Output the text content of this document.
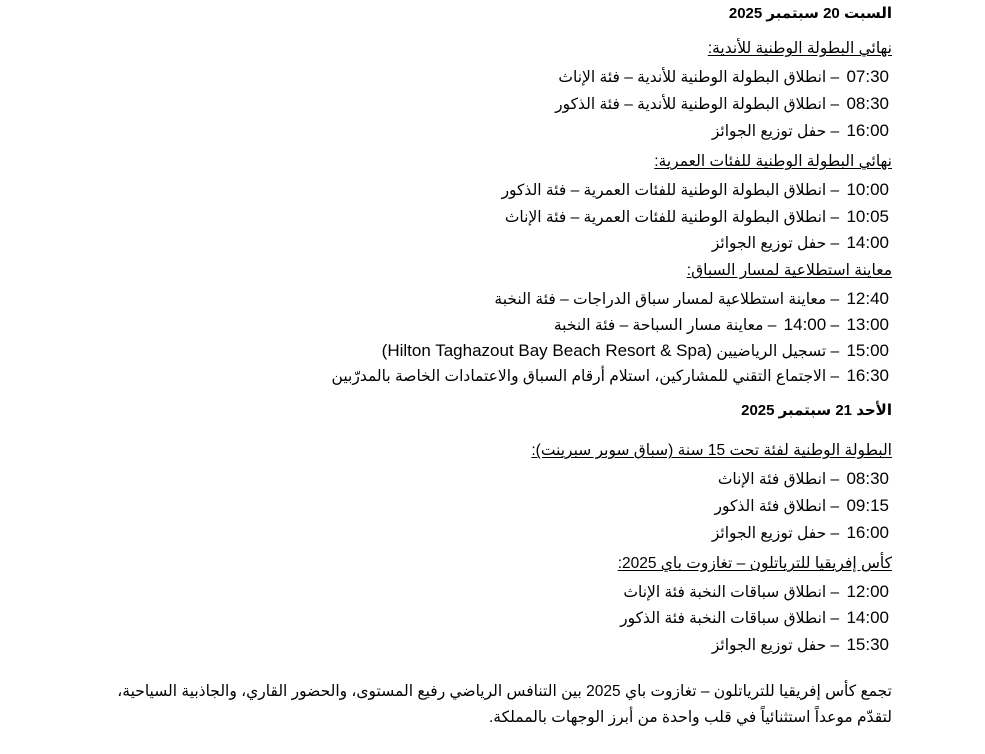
السبت 20 سبتمبر 2025
نهائي البطولة الوطنية للأندية:
07:30 – انطلاق البطولة الوطنية للأندية – فئة الإناث
08:30 – انطلاق البطولة الوطنية للأندية – فئة الذكور
16:00 – حفل توزيع الجوائز
نهائي البطولة الوطنية للفئات العمرية:
10:00 – انطلاق البطولة الوطنية للفئات العمرية – فئة الذكور
10:05 – انطلاق البطولة الوطنية للفئات العمرية – فئة الإناث
14:00 – حفل توزيع الجوائز
معاينة استطلاعية لمسار السباق:
12:40 – معاينة استطلاعية لمسار سباق الدراجات – فئة النخبة
13:00 – 14:00 – معاينة مسار السباحة – فئة النخبة
15:00 – تسجيل الرياضيين (Hilton Taghazout Bay Beach Resort & Spa)
16:30 – الاجتماع التقني للمشاركين، استلام أرقام السباق والاعتمادات الخاصة بالمدرّبين
الأحد 21 سبتمبر 2025
البطولة الوطنية لفئة تحت 15 سنة (سباق سوبر سبرينت):
08:30 – انطلاق فئة الإناث
09:15 – انطلاق فئة الذكور
16:00 – حفل توزيع الجوائز
كأس إفريقيا للترياتلون – تغازوت باي 2025:
12:00 – انطلاق سباقات النخبة فئة الإناث
14:00 – انطلاق سباقات النخبة فئة الذكور
15:30 – حفل توزيع الجوائز
تجمع كأس إفريقيا للترياتلون – تغازوت باي 2025 بين التنافس الرياضي رفيع المستوى، والحضور القاري، والجاذبية السياحية،
لتقدّم موعداً استثنائياً في قلب واحدة من أبرز الوجهات بالمملكة.
